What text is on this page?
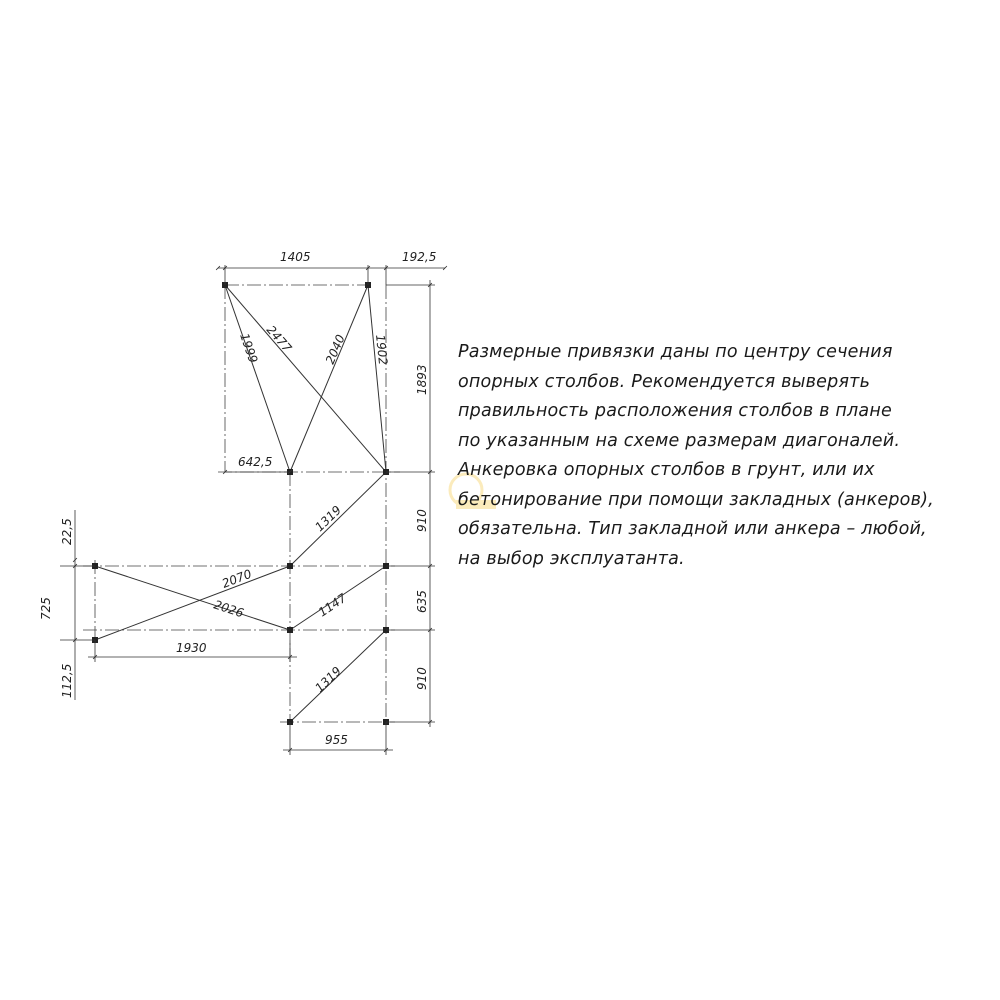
1405	192,5
1893
910
635
910
642,5
22,5
725
112,5
1930
955
1999 2477 2040 1902
1319
2070
2026	1147
1319
Размерные привязки даны по центру сечения
опорных столбов. Рекомендуется выверять
правильность расположения столбов в плане
по указанным на схеме размерам диагоналей.
Анкеровка опорных столбов в грунт, или их
бетонирование при помощи закладных (анкеров),
обязательна. Тип закладной или анкера – любой,
на выбор эксплуатанта.
